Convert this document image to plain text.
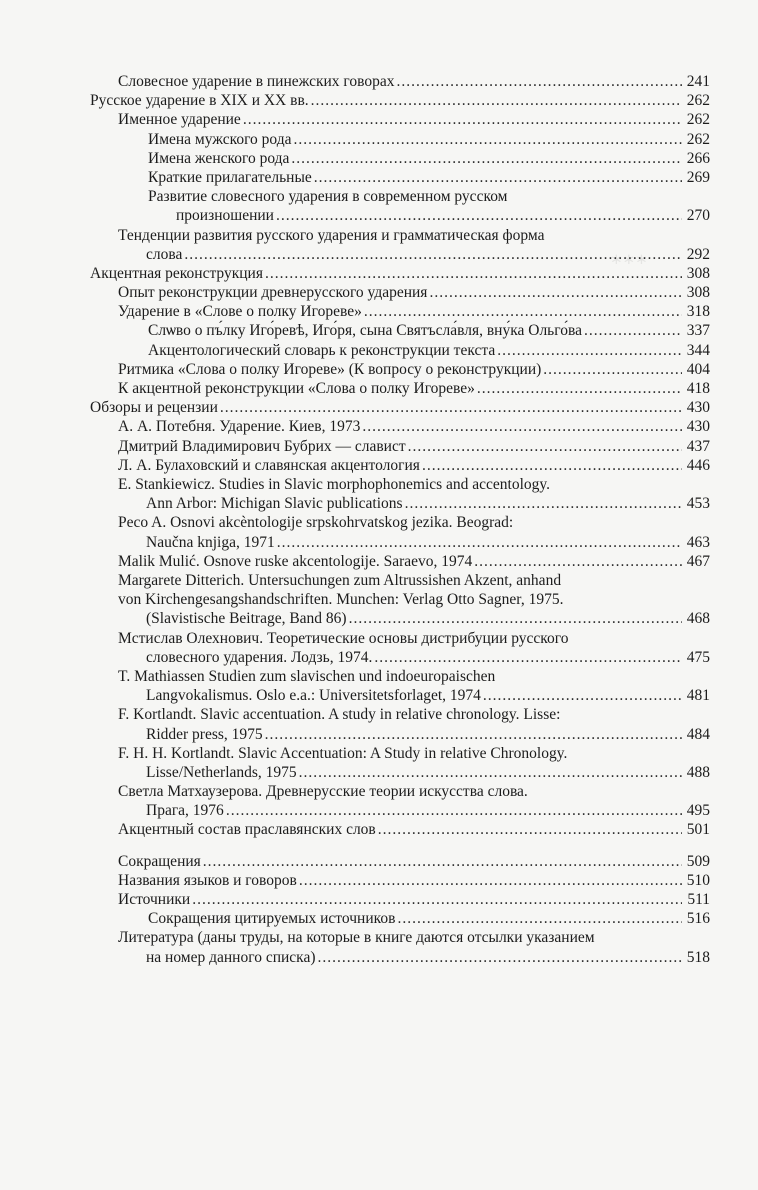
∗∗∗
Словесное ударение в пинежских говорах .....	241
Русское ударение в XIX и XX вв. .....	262
Именное ударение .....	262
Имена мужского рода .....	262
Имена женского рода .....	266
Краткие прилагательные .....	269
Развитие словесного ударения в современном русском
произношении .....	270
Тенденции развития русского ударения и грамматическая форма
слова .....	292
Акцентная реконструкция .....	308
Опыт реконструкции древнерусского ударения .....	308
Ударение в «Слове о полку Игореве» .....	318
Слѡво о пъ́лку Иго́ревѣ, Иго́ря, сына Святъсла́вля, вну́ка Ольго́ва .....	337
Акцентологический словарь к реконструкции текста .....	344
Ритмика «Слова о полку Игореве» (К вопросу о реконструкции) .....	404
К акцентной реконструкции «Слова о полку Игореве» .....	418
Обзоры и рецензии .....	430
А. А. Потебня. Ударение. Киев, 1973 .....	430
Дмитрий Владимирович Бубрих — славист .....	437
Л. А. Булаховский и славянская акцентология .....	446
E. Stankiewicz. Studies in Slavic morphophonemics and accentology.
Ann Arbor: Michigan Slavic publications .....	453
Peco A. Osnovi akcèntologije srpskohrvatskog jezika. Beograd:
Naučna knjiga, 1971 .....	463
Malik Mulić. Osnove ruske akcentologije. Saraevo, 1974 .....	467
Margarete Ditterich. Untersuchungen zum Altrussishen Akzent, anhand
von Kirchengesangshandschriften. Munchen: Verlag Otto Sagner, 1975.
(Slavistische Beitrage, Band 86) .....	468
Мстислав Олехнович. Теоретические основы дистрибуции русского
словесного ударения. Лодзь, 1974. .....	475
T. Mathiassen Studien zum slavischen und indoeuropaischen
Langvokalismus. Oslo e.a.: Universitetsforlaget, 1974 .....	481
F. Kortlandt. Slavic accentuation. A study in relative chronology. Lisse:
Ridder press, 1975 .....	484
F. H. H. Kortlandt. Slavic Accentuation: A Study in relative Chronology.
Lisse/Netherlands, 1975 .....	488
Светла Матхаузерова. Древнерусские теории искусства слова.
Прага, 1976 .....	495
Акцентный состав праславянских слов .....	501
Сокращения .....	509
Названия языков и говоров .....	510
Источники .....	511
Сокращения цитируемых источников .....	516
Литература (даны труды, на которые в книге даются отсылки указанием
на номер данного списка) .....	518
